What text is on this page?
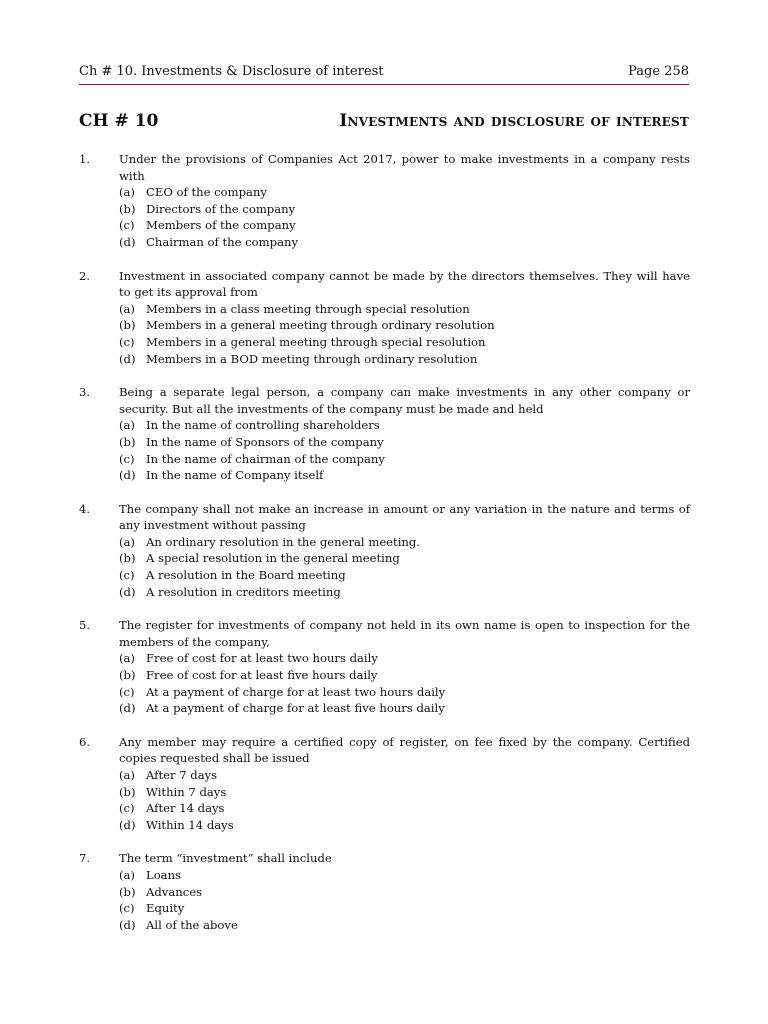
Ch # 10. Investments & Disclosure of interest	Page 258
CH # 10	Investments and disclosure of interest
1. Under the provisions of Companies Act 2017, power to make investments in a company rests with
(a) CEO of the company
(b) Directors of the company
(c) Members of the company
(d) Chairman of the company
2. Investment in associated company cannot be made by the directors themselves. They will have to get its approval from
(a) Members in a class meeting through special resolution
(b) Members in a general meeting through ordinary resolution
(c) Members in a general meeting through special resolution
(d) Members in a BOD meeting through ordinary resolution
3. Being a separate legal person, a company can make investments in any other company or security. But all the investments of the company must be made and held
(a) In the name of controlling shareholders
(b) In the name of Sponsors of the company
(c) In the name of chairman of the company
(d) In the name of Company itself
4. The company shall not make an increase in amount or any variation in the nature and terms of any investment without passing
(a) An ordinary resolution in the general meeting.
(b) A special resolution in the general meeting
(c) A resolution in the Board meeting
(d) A resolution in creditors meeting
5. The register for investments of company not held in its own name is open to inspection for the members of the company,
(a) Free of cost for at least two hours daily
(b) Free of cost for at least five hours daily
(c) At a payment of charge for at least two hours daily
(d) At a payment of charge for at least five hours daily
6. Any member may require a certified copy of register, on fee fixed by the company. Certified copies requested shall be issued
(a) After 7 days
(b) Within 7 days
(c) After 14 days
(d) Within 14 days
7. The term “investment” shall include
(a) Loans
(b) Advances
(c) Equity
(d) All of the above
